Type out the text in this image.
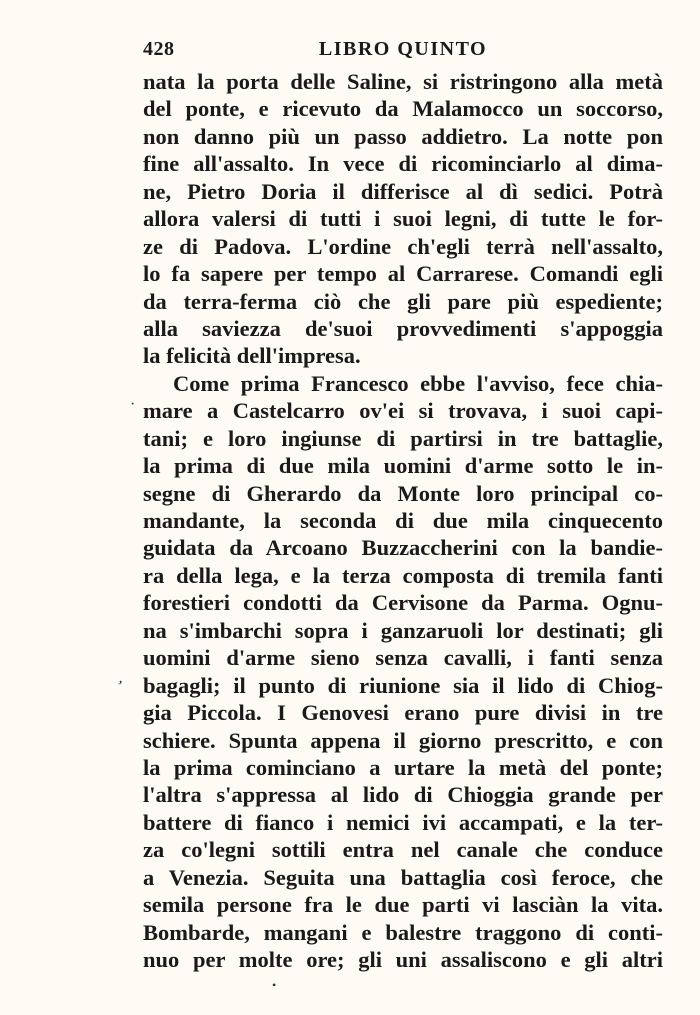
428	LIBRO QUINTO
·
ʼ
•
nata la porta delle Saline, si ristringono alla metà
del ponte, e ricevuto da Malamocco un soccorso,
non danno più un passo addietro. La notte pon
fine all'assalto. In vece di ricominciarlo al dima-
ne, Pietro Doria il differisce al dì sedici. Potrà
allora valersi di tutti i suoi legni, di tutte le for-
ze di Padova. L'ordine ch'egli terrà nell'assalto,
lo fa sapere per tempo al Carrarese. Comandi egli
da terra-ferma ciò che gli pare più espediente;
alla saviezza de'suoi provvedimenti s'appoggia
la felicità dell'impresa.
Come prima Francesco ebbe l'avviso, fece chia-
mare a Castelcarro ov'ei si trovava, i suoi capi-
tani; e loro ingiunse di partirsi in tre battaglie,
la prima di due mila uomini d'arme sotto le in-
segne di Gherardo da Monte loro principal co-
mandante, la seconda di due mila cinquecento
guidata da Arcoano Buzzaccherini con la bandie-
ra della lega, e la terza composta di tremila fanti
forestieri condotti da Cervisone da Parma. Ognu-
na s'imbarchi sopra i ganzaruoli lor destinati; gli
uomini d'arme sieno senza cavalli, i fanti senza
bagagli; il punto di riunione sia il lido di Chiog-
gia Piccola. I Genovesi erano pure divisi in tre
schiere. Spunta appena il giorno prescritto, e con
la prima cominciano a urtare la metà del ponte;
l'altra s'appressa al lido di Chioggia grande per
battere di fianco i nemici ivi accampati, e la ter-
za co'legni sottili entra nel canale che conduce
a Venezia. Seguita una battaglia così feroce, che
semila persone fra le due parti vi lasciàn la vita.
Bombarde, mangani e balestre traggono di conti-
nuo per molte ore; gli uni assaliscono e gli altri
